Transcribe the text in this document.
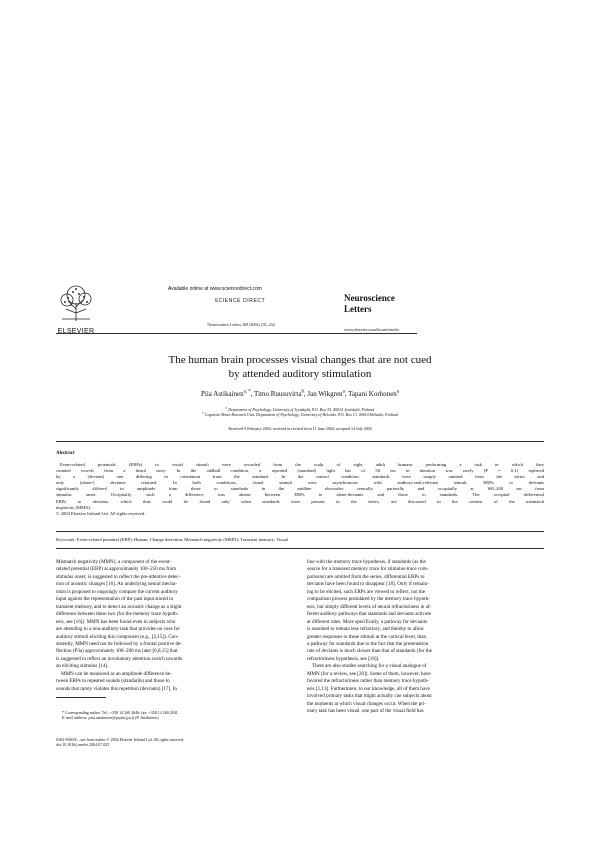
ELSEVIER
Available online at www.sciencedirect.com
SCIENCE DIRECT
Neuroscience Letters 368 (2004) 231–234
Neuroscience
Letters
www.elsevier.com/locate/neulet
The human brain processes visual changes that are not cued
by attended auditory stimulation
Piia Astikainen$^{a, *}$, Timo Ruusuvirta$^b$, Jan Wikgren$^a$, Tapani Korhonen$^a$
$^a$ Department of Psychology, University of Jyväskylä, P.O. Box 35, 40014 Jyväskylä, Finland
$^b$ Cognitive Brain Research Unit, Department of Psychology, University of Helsinki, P.O. Box 13, 00014 Helsinki, Finland
Received 9 February 2004; received in revised form 11 June 2004; accepted 14 July 2004
Abstract
Event-related potentials (ERPs) to visual stimuli were recorded from the scalp of eight adult humans performing a task in which they
counted vowels from a heard story. In the oddball condition, a repeated (standard) light bar of 50 ms in duration was rarely (P = 0.1) replaced
by a (deviant) one differing in orientation from the standard. In the control condition, standards were simply omitted from the series and
only (alone-) deviants retained. In both conditions, visual stimuli were asynchronous with auditory-task-relevant stimuli. ERPs to deviants
significantly differed in amplitude from those to standards in the midline electrodes centrally, parietally and occipitally at 160–200 ms from
stimulus onset. Occipitally, such a difference was absent between ERPs to alone-deviants and those to standards. The occipital differential
ERPs to deviants, which thus could be found only when standards were present in the series, are discussed in the context of the mismatch
negativity (MMN).
© 2004 Elsevier Ireland Ltd. All rights reserved.
Keywords: Event-related potential (ERP); Human; Change detection; Mismatch negativity (MMN); Transient memory; Visual
Mismatch negativity (MMN), a component of the event-
related potential (ERP) at approximately 100–250 ms from
stimulus onset, is suggested to reflect the pre-attentive detec-
tion of acoustic changes [16]. An underlying neural mecha-
nism is proposed to ongoingly compare the current auditory
input against the representation of the past input stored in
transient memory, and to detect an acoustic change as a slight
difference between these two (for the memory trace hypoth-
esis, see [16]). MMN has been found even in subjects who
are attending to a non-auditory task that provides no cues for
auditory stimuli eliciting this component (e.g., [2,15]). Con-
sistently, MMN need not be followed by a frontal positive de-
flection (P3a) approximately 100–200 ms later [6,8,15] that
is suggested to reflect an involuntary attention switch towards
an eliciting stimulus [14].
MMN can be measured as an amplitude difference be-
tween ERPs to repeated sounds (standards) and those to
sounds that rarely violates this repetition (deviants) [17]. In
line with the memory trace hypothesis, if standards (as the
source for a transient memory trace for stimulus-trace com-
parisons) are omitted from the series, differential ERPs to
deviants have been found to disappear [18]. Only if remain-
ing to be elicited, such ERPs are viewed to reflect, not the
comparison process postulated by the memory trace hypoth-
esis, but simply different levels of neural refractoriness in af-
ferent auditory pathways that standards and deviants activate
at different rates. More specifically, a pathway for deviants
is assumed to remain less refractory, and thereby to allow
greater responses to these stimuli at the cortical level, than
a pathway for standards due to the fact that the presentation
rate of deviants is much slower than that of standards (for the
refractoriness hypothesis, see [16]).
There are also studies searching for a visual analogue of
MMN (for a review, see [20]). Some of them, however, have
favored the refractoriness rather than memory trace hypoth-
esis [1,13]. Furthermore, to our knowledge, all of them have
involved primary tasks that might actually cue subjects about
the moments at which visual changes occur. When the pri-
mary task has been visual, one part of the visual field has
* Corresponding author. Tel.: +358 14 260 2646; fax: +358 14 260 2841.
E-mail address: piia.astikainen@psyka.jyu.fi (P. Astikainen).
0304-3940/$ – see front matter © 2004 Elsevier Ireland Ltd. All rights reserved.
doi:10.1016/j.neulet.2004.07.025
